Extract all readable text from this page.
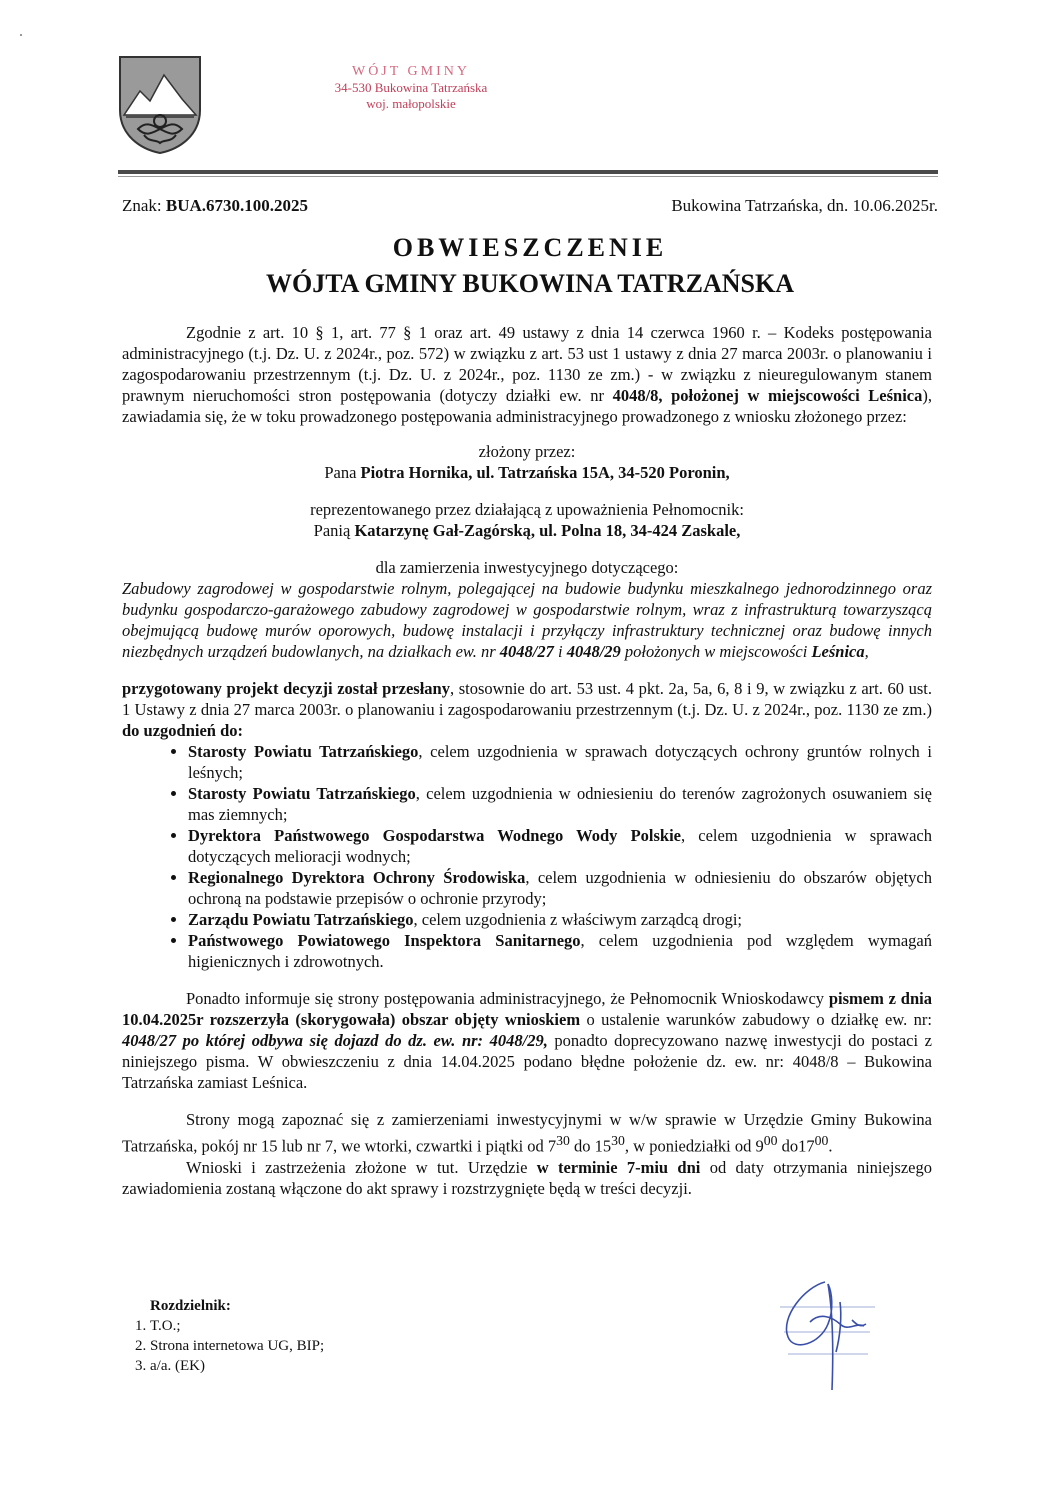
WÓJT GMINY
34-530 Bukowina Tatrzańska
woj. małopolskie
Znak: BUA.6730.100.2025	Bukowina Tatrzańska, dn. 10.06.2025r.
OBWIESZCZENIE
WÓJTA GMINY BUKOWINA TATRZAŃSKA

Zgodnie z art. 10 § 1, art. 77 § 1 oraz art. 49 ustawy z dnia 14 czerwca 1960 r. – Kodeks postępowania administracyjnego (t.j. Dz. U. z 2024r., poz. 572) w związku z art. 53 ust 1 ustawy z dnia 27 marca 2003r. o planowaniu i zagospodarowaniu przestrzennym (t.j. Dz. U. z 2024r., poz. 1130 ze zm.) - w związku z nieuregulowanym stanem prawnym nieruchomości stron postępowania (dotyczy działki ew. nr 4048/8, położonej w miejscowości Leśnica), zawiadamia się, że w toku prowadzonego postępowania administracyjnego prowadzonego z wniosku złożonego przez:

złożony przez:

Pana Piotra Hornika, ul. Tatrzańska 15A, 34-520 Poronin,

reprezentowanego przez działającą z upoważnienia Pełnomocnik:

Panią Katarzynę Gał-Zagórską, ul. Polna 18, 34-424 Zaskale,

dla zamierzenia inwestycyjnego dotyczącego:

Zabudowy zagrodowej w gospodarstwie rolnym, polegającej na budowie budynku mieszkalnego jednorodzinnego oraz budynku gospodarczo-garażowego zabudowy zagrodowej w gospodarstwie rolnym, wraz z infrastrukturą towarzyszącą obejmującą budowę murów oporowych, budowę instalacji i przyłączy infrastruktury technicznej oraz budowę innych niezbędnych urządzeń budowlanych, na działkach ew. nr 4048/27 i 4048/29 położonych w miejscowości Leśnica,

przygotowany projekt decyzji został przesłany, stosownie do art. 53 ust. 4 pkt. 2a, 5a, 6, 8 i 9, w związku z art. 60 ust. 1 Ustawy z dnia 27 marca 2003r. o planowaniu i zagospodarowaniu przestrzennym (t.j. Dz. U. z 2024r., poz. 1130 ze zm.) do uzgodnień do:

• Starosty Powiatu Tatrzańskiego, celem uzgodnienia w sprawach dotyczących ochrony gruntów rolnych i leśnych;
• Starosty Powiatu Tatrzańskiego, celem uzgodnienia w odniesieniu do terenów zagrożonych osuwaniem się mas ziemnych;
• Dyrektora Państwowego Gospodarstwa Wodnego Wody Polskie, celem uzgodnienia w sprawach dotyczących melioracji wodnych;
• Regionalnego Dyrektora Ochrony Środowiska, celem uzgodnienia w odniesieniu do obszarów objętych ochroną na podstawie przepisów o ochronie przyrody;
• Zarządu Powiatu Tatrzańskiego, celem uzgodnienia z właściwym zarządcą drogi;
• Państwowego Powiatowego Inspektora Sanitarnego, celem uzgodnienia pod względem wymagań higienicznych i zdrowotnych.

Ponadto informuje się strony postępowania administracyjnego, że Pełnomocnik Wnioskodawcy pismem z dnia 10.04.2025r rozszerzyła (skorygowała) obszar objęty wnioskiem o ustalenie warunków zabudowy o działkę ew. nr: 4048/27 po której odbywa się dojazd do dz. ew. nr: 4048/29, ponadto doprecyzowano nazwę inwestycji do postaci z niniejszego pisma. W obwieszczeniu z dnia 14.04.2025 podano błędne położenie dz. ew. nr: 4048/8 – Bukowina Tatrzańska zamiast Leśnica.

Strony mogą zapoznać się z zamierzeniami inwestycyjnymi w w/w sprawie w Urzędzie Gminy Bukowina Tatrzańska, pokój nr 15 lub nr 7, we wtorki, czwartki i piątki od $7^{30}$ do $15^{30}$, w poniedziałki od $9^{00}$ $do17^{00}$.

Wnioski i zastrzeżenia złożone w tut. Urzędzie w terminie 7-miu dni od daty otrzymania niniejszego zawiadomienia zostaną włączone do akt sprawy i rozstrzygnięte będą w treści decyzji.

Rozdzielnik:
1. T.O.;
2. Strona internetowa UG, BIP;
3. a/a. (EK)
